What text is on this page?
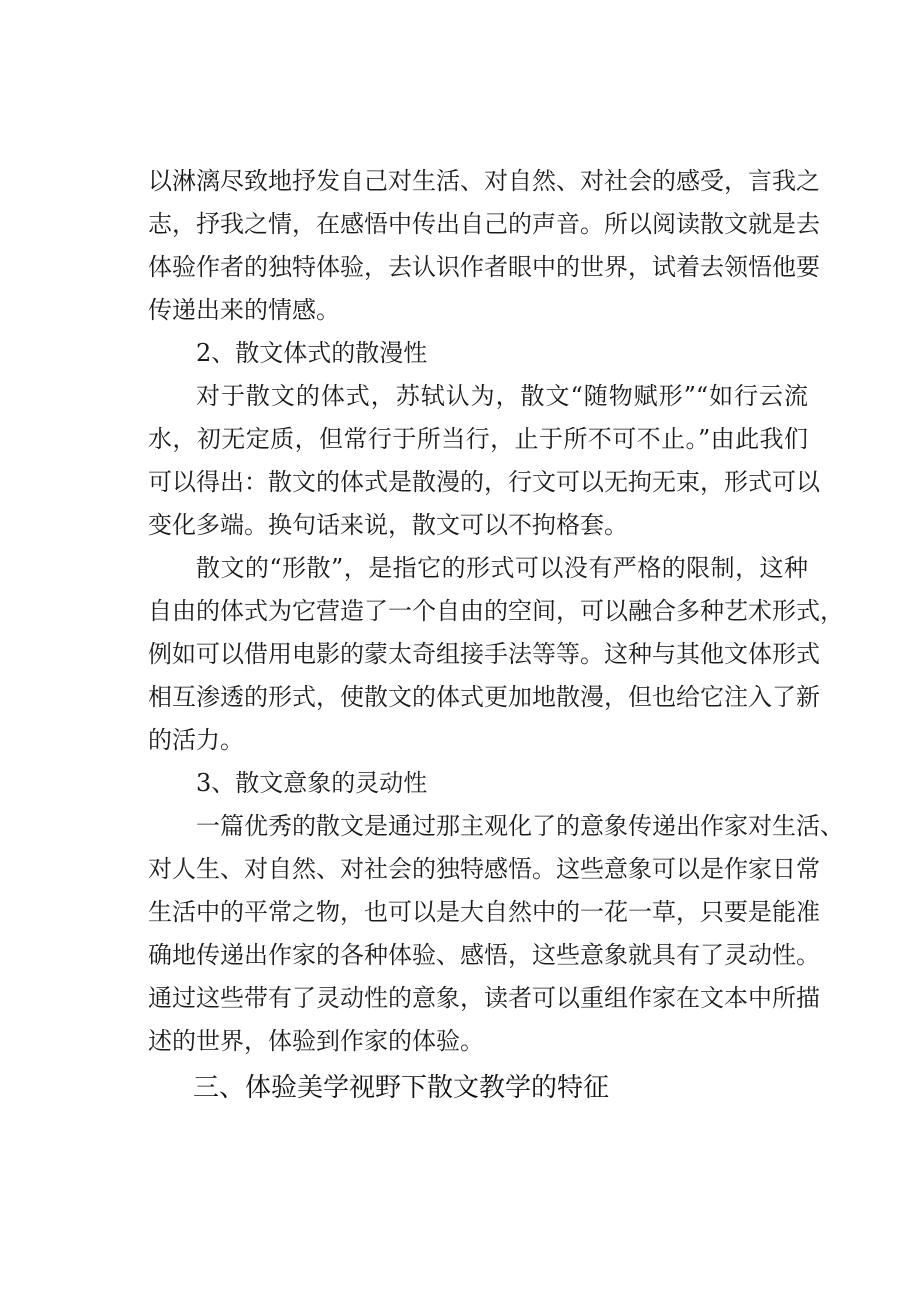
以淋漓尽致地抒发自己对生活、对自然、对社会的感受，言我之
志，抒我之情，在感悟中传出自己的声音。所以阅读散文就是去
体验作者的独特体验，去认识作者眼中的世界，试着去领悟他要
传递出来的情感。
2、散文体式的散漫性
对于散文的体式，苏轼认为，散文“随物赋形”“如行云流
水，初无定质，但常行于所当行，止于所不可不止。”由此我们
可以得出：散文的体式是散漫的，行文可以无拘无束，形式可以
变化多端。换句话来说，散文可以不拘格套。
散文的“形散”，是指它的形式可以没有严格的限制，这种
自由的体式为它营造了一个自由的空间，可以融合多种艺术形式，
例如可以借用电影的蒙太奇组接手法等等。这种与其他文体形式
相互渗透的形式，使散文的体式更加地散漫，但也给它注入了新
的活力。
3、散文意象的灵动性
一篇优秀的散文是通过那主观化了的意象传递出作家对生活、
对人生、对自然、对社会的独特感悟。这些意象可以是作家日常
生活中的平常之物，也可以是大自然中的一花一草，只要是能准
确地传递出作家的各种体验、感悟，这些意象就具有了灵动性。
通过这些带有了灵动性的意象，读者可以重组作家在文本中所描
述的世界，体验到作家的体验。
三、体验美学视野下散文教学的特征
